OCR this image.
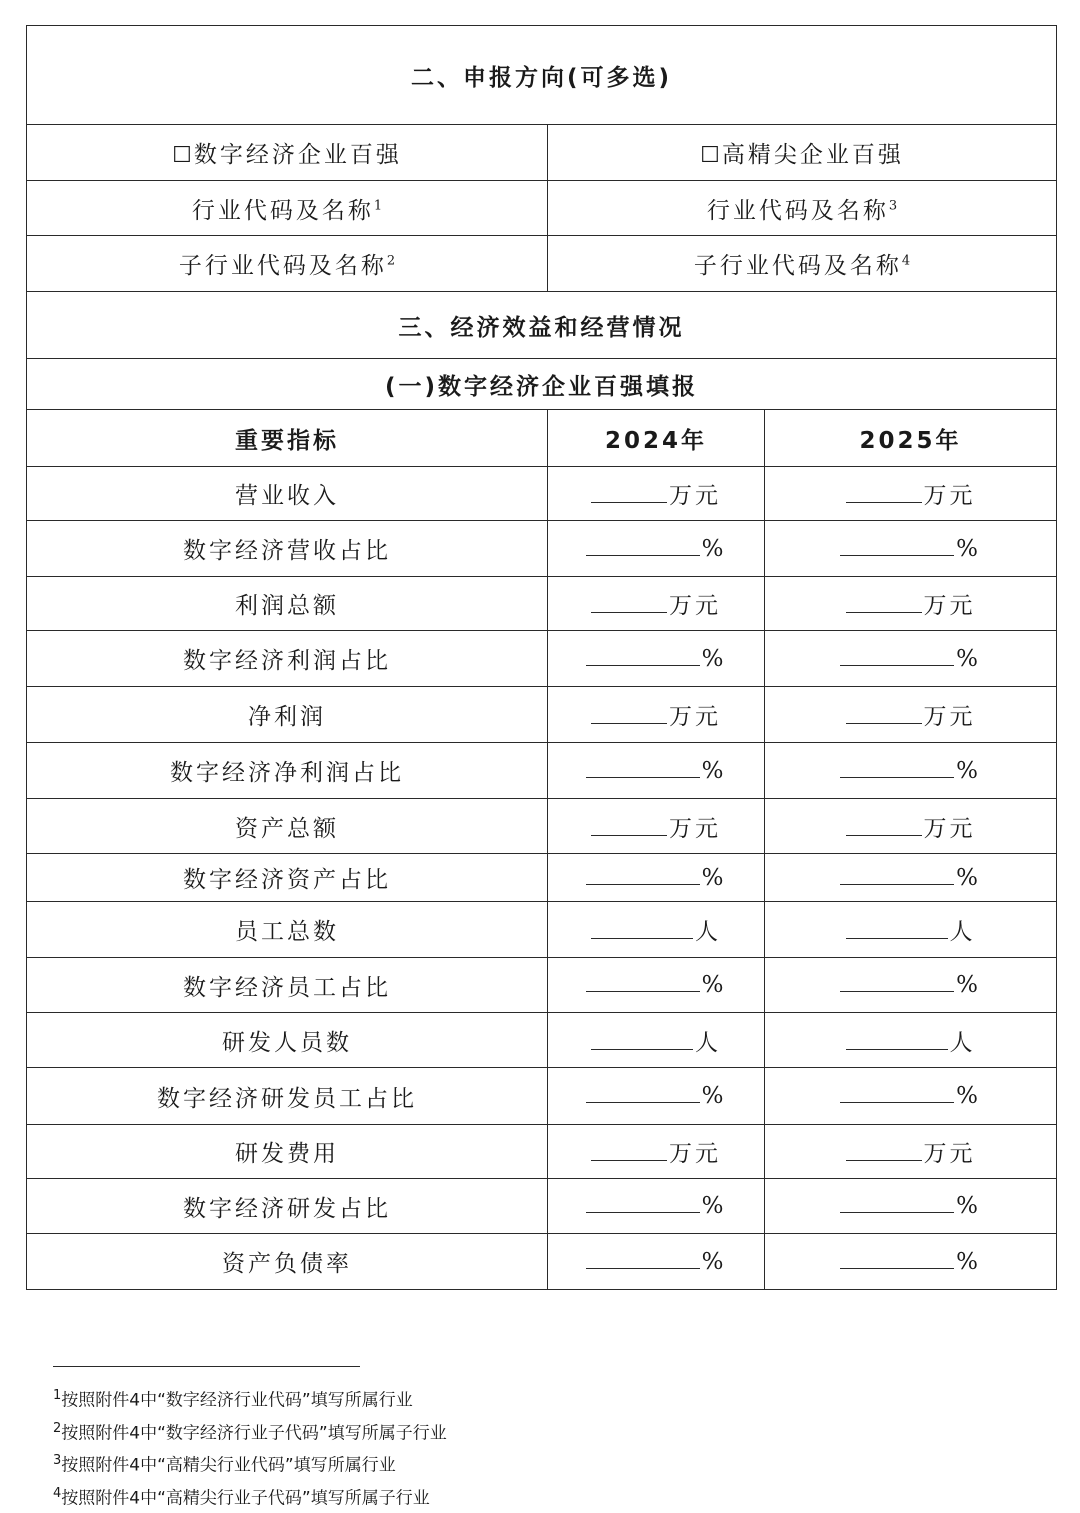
二、申报方向(可多选)		
☐数字经济企业百强	☐高精尖企业百强	
行业代码及名称$^1$	行业代码及名称$^3$
子行业代码及名称$^2$	子行业代码及名称$^4$
三、经济效益和经营情况		
(一)数字经济企业百强填报		
重要指标	2024年	2025年
营业收入	万元	万元
数字经济营收占比	%	%
利润总额	万元	万元
数字经济利润占比	%	%
净利润	万元	万元
数字经济净利润占比	%	%
资产总额	万元	万元
数字经济资产占比	%	%
员工总数	人	人
数字经济员工占比	%	%
研发人员数	人	人
数字经济研发员工占比	%	%
研发费用	万元	万元
数字经济研发占比	%	%
资产负债率	%	%
$^1$按照附件4中“数字经济行业代码”填写所属行业
$^2$按照附件4中“数字经济行业子代码”填写所属子行业
$^3$按照附件4中“高精尖行业代码”填写所属行业
$^4$按照附件4中“高精尖行业子代码”填写所属子行业
